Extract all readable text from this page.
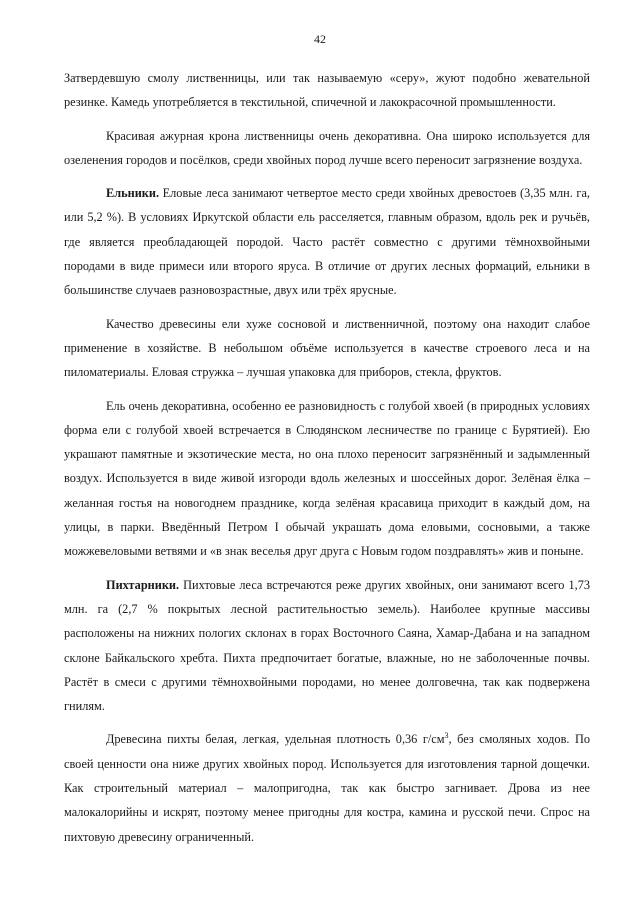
42

Затвердевшую смолу лиственницы, или так называемую «серу», жуют подобно жевательной резинке. Камедь употребляется в текстильной, спичечной и лакокрасочной промышленности.

Красивая ажурная крона лиственницы очень декоративна. Она широко используется для озеленения городов и посёлков, среди хвойных пород лучше всего переносит загрязнение воздуха.

Ельники. Еловые леса занимают четвертое место среди хвойных древостоев (3,35 млн. га, или 5,2 %). В условиях Иркутской области ель расселяется, главным образом, вдоль рек и ручьёв, где является преобладающей породой. Часто растёт совместно с другими тёмнохвойными породами в виде примеси или второго яруса. В отличие от других лесных формаций, ельники в большинстве случаев разновозрастные, двух или трёх ярусные.

Качество древесины ели хуже сосновой и лиственничной, поэтому она находит слабое применение в хозяйстве. В небольшом объёме используется в качестве строевого леса и на пиломатериалы. Еловая стружка – лучшая упаковка для приборов, стекла, фруктов.

Ель очень декоративна, особенно ее разновидность с голубой хвоей (в природных условиях форма ели с голубой хвоей встречается в Слюдянском лесничестве по границе с Бурятией). Ею украшают памятные и экзотические места, но она плохо переносит загрязнённый и задымленный воздух. Используется в виде живой изгороди вдоль железных и шоссейных дорог. Зелёная ёлка – желанная гостья на новогоднем празднике, когда зелёная красавица приходит в каждый дом, на улицы, в парки. Введённый Петром I обычай украшать дома еловыми, сосновыми, а также можжевеловыми ветвями и «в знак веселья друг друга с Новым годом поздравлять» жив и поныне.

Пихтарники. Пихтовые леса встречаются реже других хвойных, они занимают всего 1,73 млн. га (2,7 % покрытых лесной растительностью земель). Наиболее крупные массивы расположены на нижних пологих склонах в горах Восточного Саяна, Хамар-Дабана и на западном склоне Байкальского хребта. Пихта предпочитает богатые, влажные, но не заболоченные почвы. Растёт в смеси с другими тёмнохвойными породами, но менее долговечна, так как подвержена гнилям.

Древесина пихты белая, легкая, удельная плотность 0,36 $г/см^3$, без смоляных ходов. По своей ценности она ниже других хвойных пород. Используется для изготовления тарной дощечки. Как строительный материал – малопригодна, так как быстро загнивает. Дрова из нее малокалорийны и искрят, поэтому менее пригодны для костра, камина и русской печи. Спрос на пихтовую древесину ограниченный.
